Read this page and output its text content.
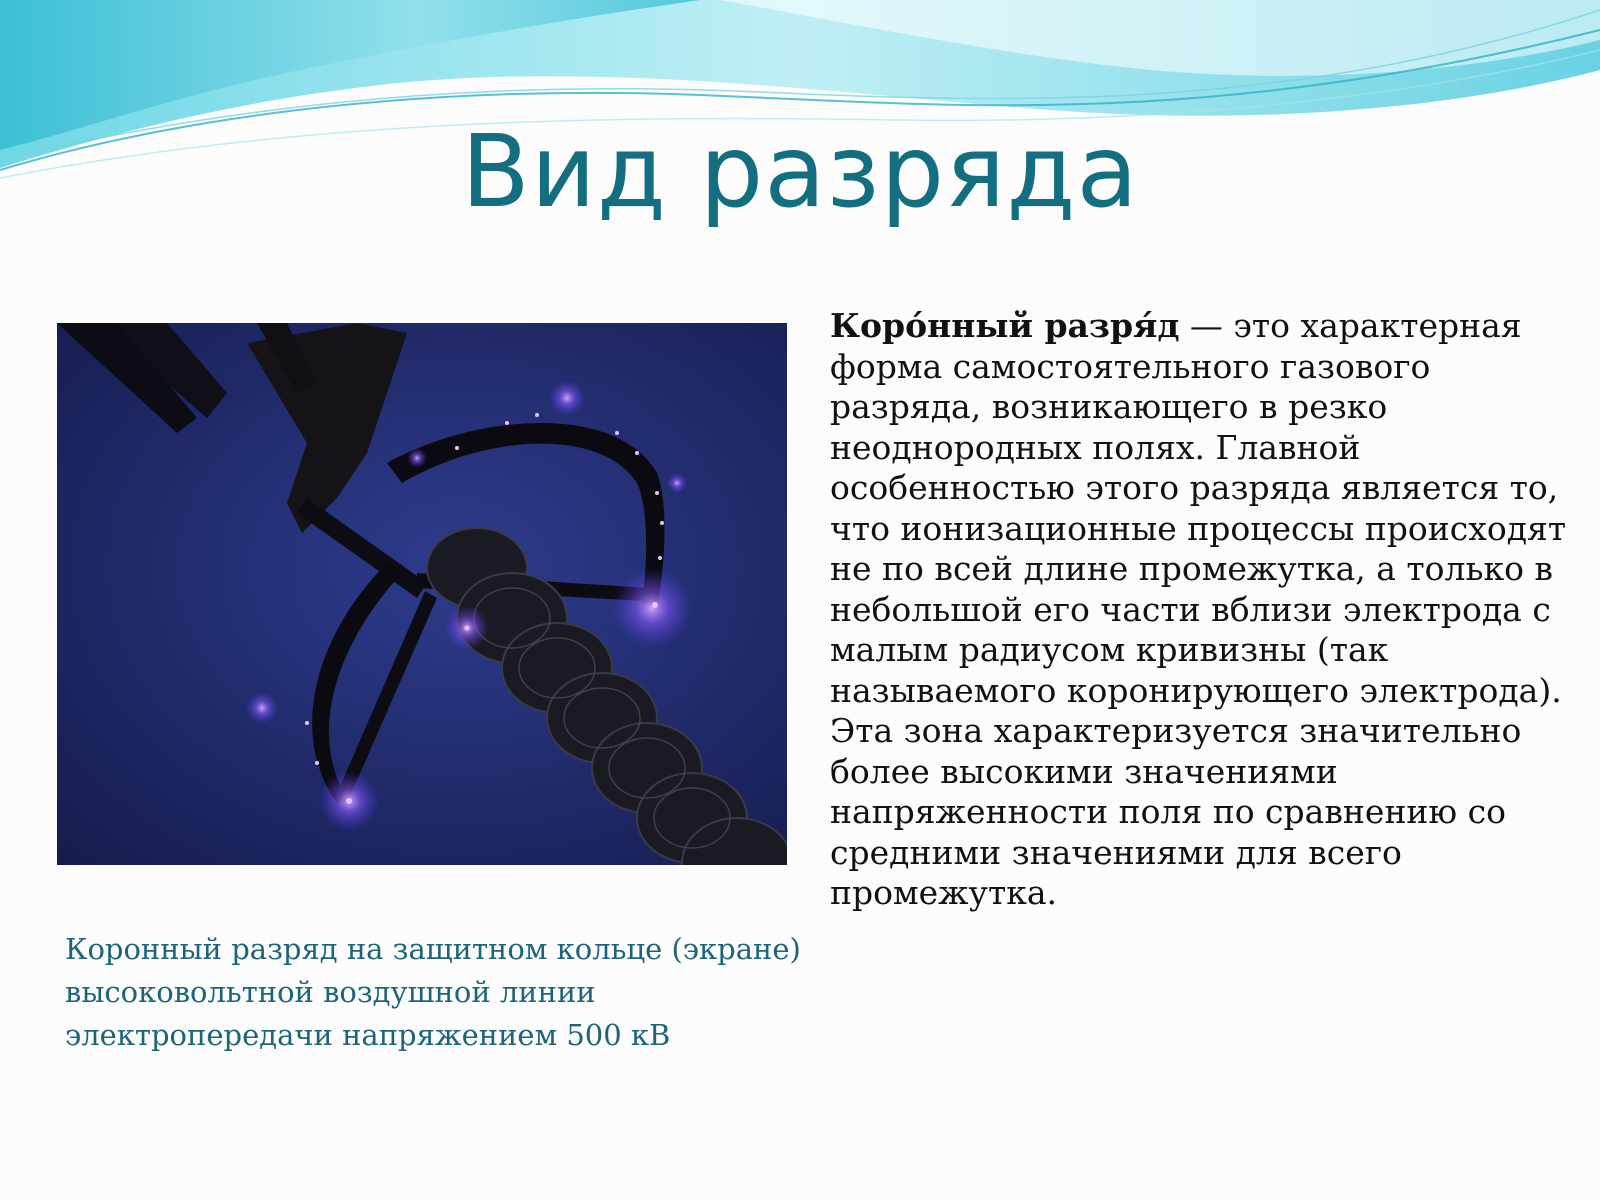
Вид разряда

Коронный разряд на защитном кольце (экране) высоковольтной воздушной линии электропередачи напряжением 500 кВ

Коро́нный разря́д — это характерная форма самостоятельного газового разряда, возникающего в резко неоднородных полях. Главной особенностью этого разряда является то, что ионизационные процессы происходят не по всей длине промежутка, а только в небольшой его части вблизи электрода с малым радиусом кривизны (так называемого коронирующего электрода). Эта зона характеризуется значительно более высокими значениями напряженности поля по сравнению со средними значениями для всего промежутка.
